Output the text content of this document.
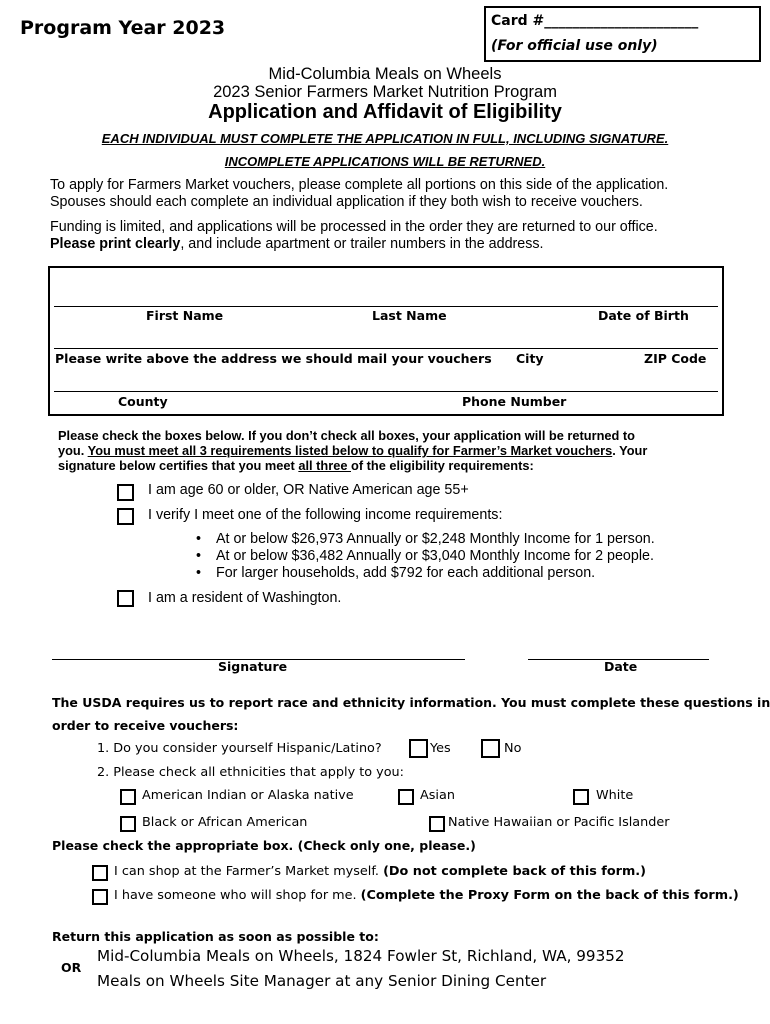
Program Year 2023	Card #______________________
(For official use only)
Mid-Columbia Meals on Wheels
2023 Senior Farmers Market Nutrition Program
Application and Affidavit of Eligibility
EACH INDIVIDUAL MUST COMPLETE THE APPLICATION IN FULL, INCLUDING SIGNATURE.
INCOMPLETE APPLICATIONS WILL BE RETURNED.
To apply for Farmers Market vouchers, please complete all portions on this side of the application.
Spouses should each complete an individual application if they both wish to receive vouchers.
Funding is limited, and applications will be processed in the order they are returned to our office.
Please print clearly, and include apartment or trailer numbers in the address.
First Name	Last Name	Date of Birth
Please write above the address we should mail your vouchers City	ZIP Code
County	Phone Number
Please check the boxes below. If you don’t check all boxes, your application will be returned to
you. You must meet all 3 requirements listed below to qualify for Farmer’s Market vouchers. Your
signature below certifies that you meet all three of the eligibility requirements:
I am age 60 or older, OR Native American age 55+
I verify I meet one of the following income requirements:
• At or below $26,973 Annually or $2,248 Monthly Income for 1 person.
• At or below $36,482 Annually or $3,040 Monthly Income for 2 people.
• For larger households, add $792 for each additional person.
I am a resident of Washington.
Signature	Date
The USDA requires us to report race and ethnicity information. You must complete these questions in
order to receive vouchers:
1. Do you consider yourself Hispanic/Latino?	Yes	No
2. Please check all ethnicities that apply to you:
American Indian or Alaska native	Asian	White
Black or African American	Native Hawaiian or Pacific Islander
Please check the appropriate box. (Check only one, please.)
I can shop at the Farmer’s Market myself. (Do not complete back of this form.)
I have someone who will shop for me. (Complete the Proxy Form on the back of this form.)
Return this application as soon as possible to:
OR
Mid-Columbia Meals on Wheels, 1824 Fowler St, Richland, WA, 99352
Meals on Wheels Site Manager at any Senior Dining Center
